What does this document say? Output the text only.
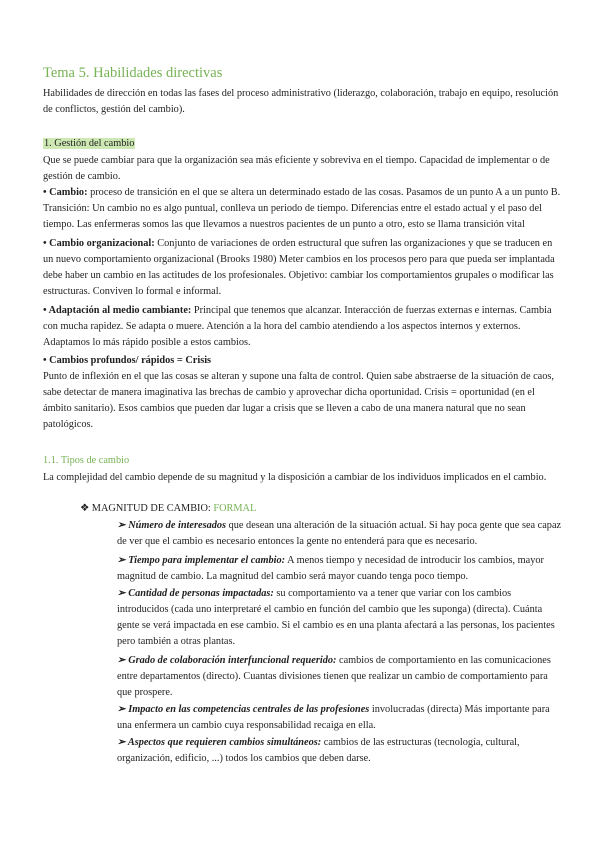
Tema 5. Habilidades directivas
Habilidades de dirección en todas las fases del proceso administrativo (liderazgo, colaboración, trabajo en equipo, resolución de conflictos, gestión del cambio).
1. Gestión del cambio
Que se puede cambiar para que la organización sea más eficiente y sobreviva en el tiempo. Capacidad de implementar o de gestión de cambio.
• Cambio: proceso de transición en el que se altera un determinado estado de las cosas. Pasamos de un punto A a un punto B. Transición: Un cambio no es algo puntual, conlleva un periodo de tiempo. Diferencias entre el estado actual y el paso del tiempo. Las enfermeras somos las que llevamos a nuestros pacientes de un punto a otro, esto se llama transición vital
• Cambio organizacional: Conjunto de variaciones de orden estructural que sufren las organizaciones y que se traducen en un nuevo comportamiento organizacional (Brooks 1980) Meter cambios en los procesos pero para que pueda ser implantada debe haber un cambio en las actitudes de los profesionales. Objetivo: cambiar los comportamientos grupales o modificar las estructuras. Conviven lo formal e informal.
• Adaptación al medio cambiante: Principal que tenemos que alcanzar. Interacción de fuerzas externas e internas. Cambia con mucha rapidez. Se adapta o muere. Atención a la hora del cambio atendiendo a los aspectos internos y externos. Adaptamos lo más rápido posible a estos cambios.
• Cambios profundos/ rápidos = Crisis
Punto de inflexión en el que las cosas se alteran y supone una falta de control. Quien sabe abstraerse de la situación de caos, sabe detectar de manera imaginativa las brechas de cambio y aprovechar dicha oportunidad. Crisis = oportunidad (en el ámbito sanitario). Esos cambios que pueden dar lugar a crisis que se lleven a cabo de una manera natural que no sean patológicos.
1.1. Tipos de cambio
La complejidad del cambio depende de su magnitud y la disposición a cambiar de los individuos implicados en el cambio.
❖ MAGNITUD DE CAMBIO: FORMAL
➢ Número de interesados que desean una alteración de la situación actual. Si hay poca gente que sea capaz de ver que el cambio es necesario entonces la gente no entenderá para que es necesario.
➢ Tiempo para implementar el cambio: A menos tiempo y necesidad de introducir los cambios, mayor magnitud de cambio. La magnitud del cambio será mayor cuando tenga poco tiempo.
➢ Cantidad de personas impactadas: su comportamiento va a tener que variar con los cambios introducidos (cada uno interpretaré el cambio en función del cambio que les suponga) (directa). Cuánta gente se verá impactada en ese cambio. Si el cambio es en una planta afectará a las personas, los pacientes pero también a otras plantas.
➢ Grado de colaboración interfuncional requerido: cambios de comportamiento en las comunicaciones entre departamentos (directo). Cuantas divisiones tienen que realizar un cambio de comportamiento para que prospere.
➢ Impacto en las competencias centrales de las profesiones involucradas (directa) Más importante para una enfermera un cambio cuya responsabilidad recaiga en ella.
➢ Aspectos que requieren cambios simultáneos: cambios de las estructuras (tecnología, cultural, organización, edificio, ...) todos los cambios que deben darse.
